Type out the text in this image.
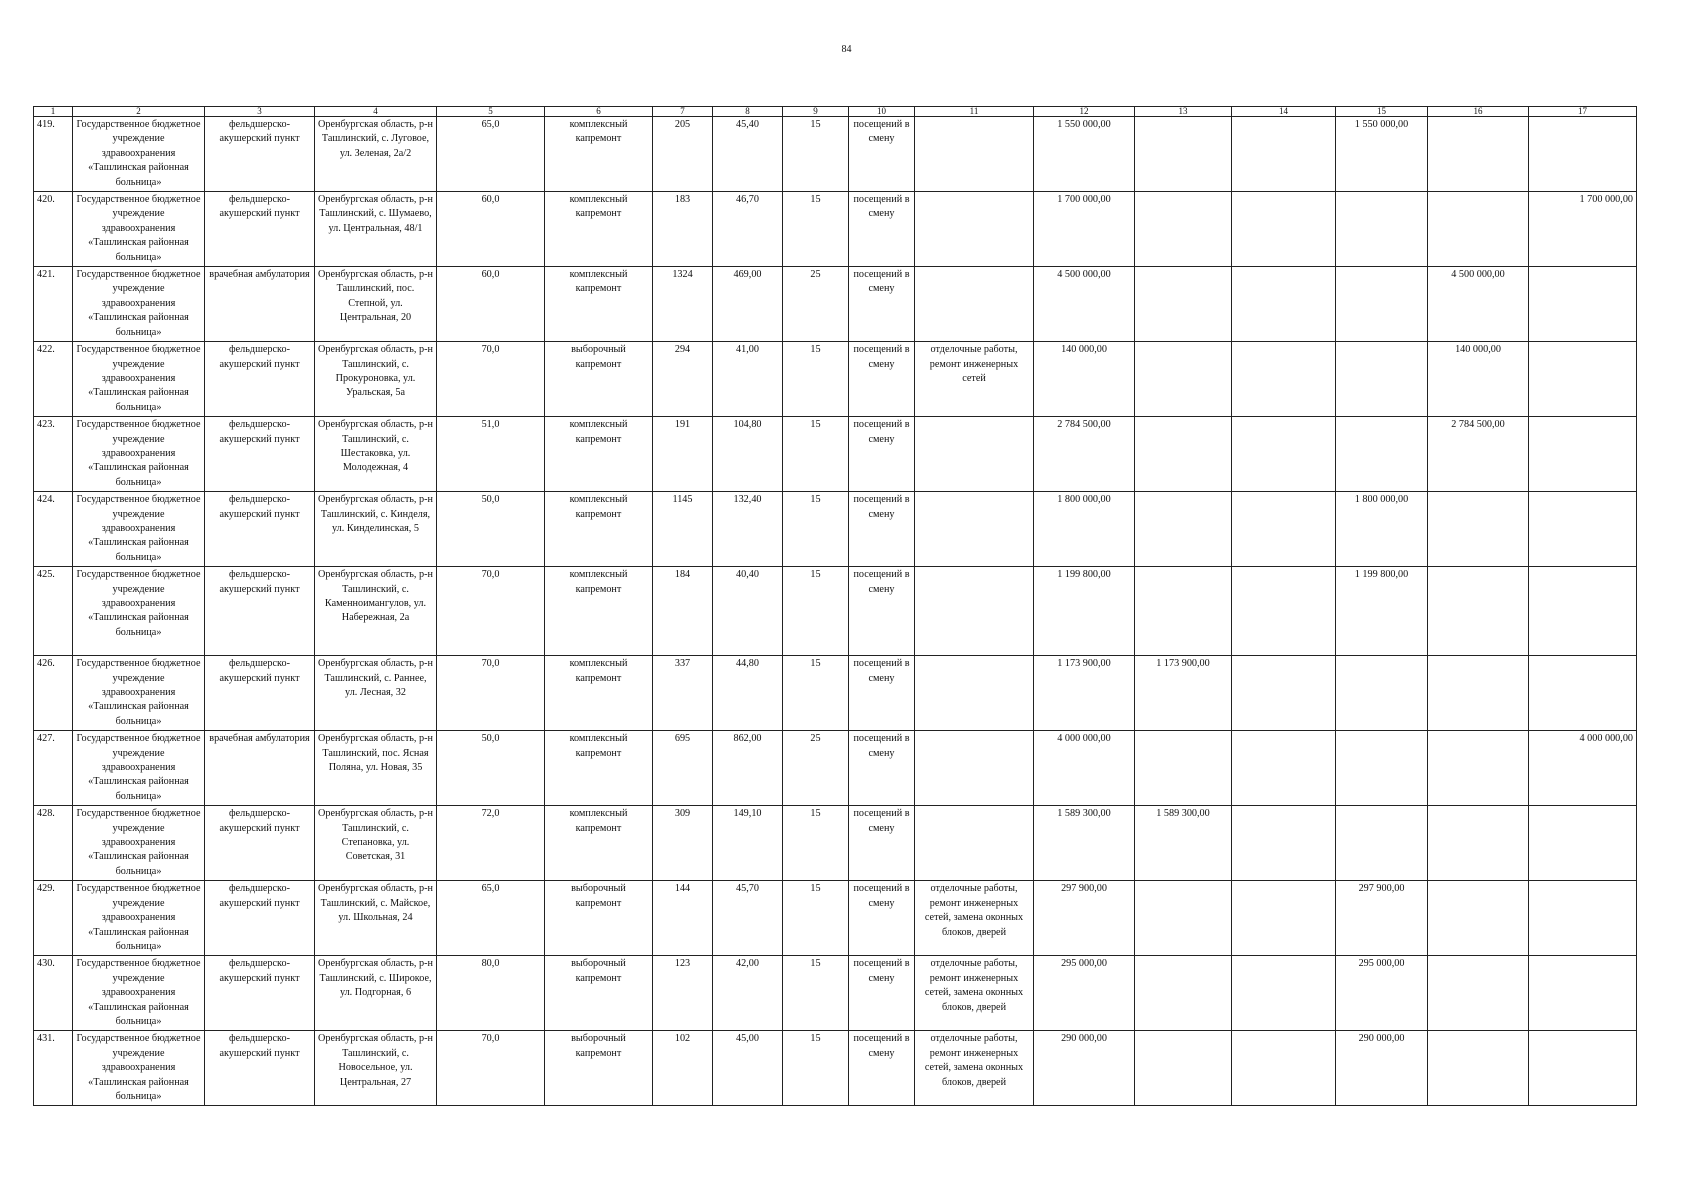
84
1	2	3	4	5	6	7	8	9	10	11	12	13	14	15	16	17
419.	Государственное бюджетное учреждение здравоохранения «Ташлинская районная больница»	фельдшерско-акушерский пункт	Оренбургская область, р-н Ташлинский, с. Луговое, ул. Зеленая, 2а/2	65,0	комплексный капремонт	205	45,40	15	посещений в смену		1 550 000,00			1 550 000,00		
420.	Государственное бюджетное учреждение здравоохранения «Ташлинская районная больница»	фельдшерско-акушерский пункт	Оренбургская область, р-н Ташлинский, с. Шумаево, ул. Центральная, 48/1	60,0	комплексный капремонт	183	46,70	15	посещений в смену		1 700 000,00					1 700 000,00
421.	Государственное бюджетное учреждение здравоохранения «Ташлинская районная больница»	врачебная амбулатория	Оренбургская область, р-н Ташлинский, пос. Степной, ул. Центральная, 20	60,0	комплексный капремонт	1324	469,00	25	посещений в смену		4 500 000,00				4 500 000,00	
422.	Государственное бюджетное учреждение здравоохранения «Ташлинская районная больница»	фельдшерско-акушерский пункт	Оренбургская область, р-н Ташлинский, с. Прокуроновка, ул. Уральская, 5а	70,0	выборочный капремонт	294	41,00	15	посещений в смену	отделочные работы, ремонт инженерных сетей	140 000,00				140 000,00	
423.	Государственное бюджетное учреждение здравоохранения «Ташлинская районная больница»	фельдшерско-акушерский пункт	Оренбургская область, р-н Ташлинский, с. Шестаковка, ул. Молодежная, 4	51,0	комплексный капремонт	191	104,80	15	посещений в смену		2 784 500,00				2 784 500,00	
424.	Государственное бюджетное учреждение здравоохранения «Ташлинская районная больница»	фельдшерско-акушерский пункт	Оренбургская область, р-н Ташлинский, с. Кинделя, ул. Кинделинская, 5	50,0	комплексный капремонт	1145	132,40	15	посещений в смену		1 800 000,00			1 800 000,00		
425.	Государственное бюджетное учреждение здравоохранения «Ташлинская районная больница»	фельдшерско-акушерский пункт	Оренбургская область, р-н Ташлинский, с. Каменноимангулов, ул. Набережная, 2а	70,0	комплексный капремонт	184	40,40	15	посещений в смену		1 199 800,00			1 199 800,00		
426.	Государственное бюджетное учреждение здравоохранения «Ташлинская районная больница»	фельдшерско-акушерский пункт	Оренбургская область, р-н Ташлинский, с. Раннее, ул. Лесная, 32	70,0	комплексный капремонт	337	44,80	15	посещений в смену		1 173 900,00	1 173 900,00				
427.	Государственное бюджетное учреждение здравоохранения «Ташлинская районная больница»	врачебная амбулатория	Оренбургская область, р-н Ташлинский, пос. Ясная Поляна, ул. Новая, 35	50,0	комплексный капремонт	695	862,00	25	посещений в смену		4 000 000,00					4 000 000,00
428.	Государственное бюджетное учреждение здравоохранения «Ташлинская районная больница»	фельдшерско-акушерский пункт	Оренбургская область, р-н Ташлинский, с. Степановка, ул. Советская, 31	72,0	комплексный капремонт	309	149,10	15	посещений в смену		1 589 300,00	1 589 300,00				
429.	Государственное бюджетное учреждение здравоохранения «Ташлинская районная больница»	фельдшерско-акушерский пункт	Оренбургская область, р-н Ташлинский, с. Майское, ул. Школьная, 24	65,0	выборочный капремонт	144	45,70	15	посещений в смену	отделочные работы, ремонт инженерных сетей, замена оконных блоков, дверей	297 900,00			297 900,00		
430.	Государственное бюджетное учреждение здравоохранения «Ташлинская районная больница»	фельдшерско-акушерский пункт	Оренбургская область, р-н Ташлинский, с. Широкое, ул. Подгорная, 6	80,0	выборочный капремонт	123	42,00	15	посещений в смену	отделочные работы, ремонт инженерных сетей, замена оконных блоков, дверей	295 000,00			295 000,00		
431.	Государственное бюджетное учреждение здравоохранения «Ташлинская районная больница»	фельдшерско-акушерский пункт	Оренбургская область, р-н Ташлинский, с. Новосельное, ул. Центральная, 27	70,0	выборочный капремонт	102	45,00	15	посещений в смену	отделочные работы, ремонт инженерных сетей, замена оконных блоков, дверей	290 000,00			290 000,00		
